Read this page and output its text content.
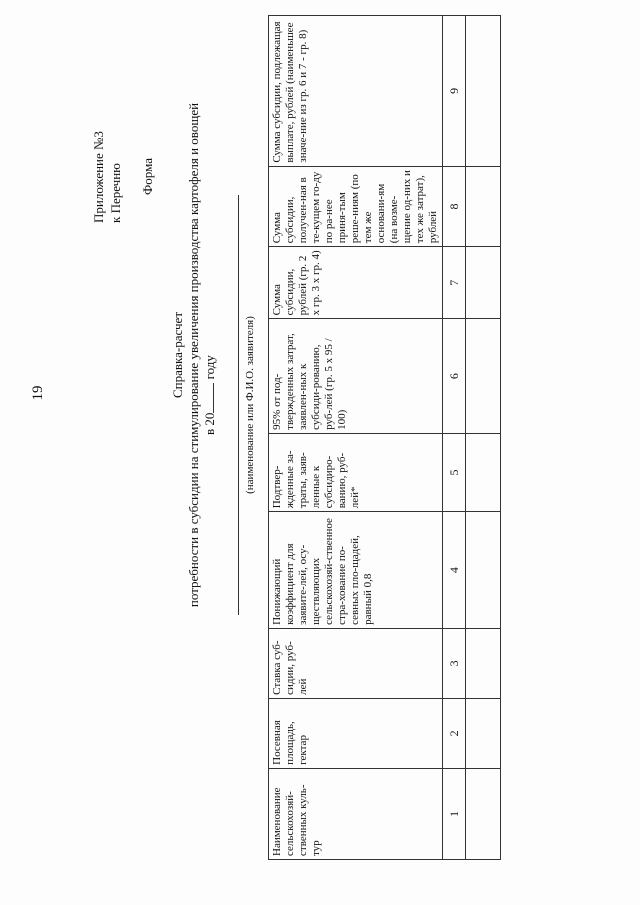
19
Приложение №3 к Перечню Форма
Справка-расчет потребности в субсидии на стимулирование увеличения производства картофеля и овощей в 20 году (наименование или Ф.И.О. заявителя)
Наименование сельскохозяй-ственных куль-тур	Посевная площадь, гектар	Ставка суб-сидии, руб-лей	Понижающий коэффициент для заявите-лей, осу-ществляющих сельскохозяй-ственное стра-хование по-севных пло-щадей, равный 0,8	Подтвер-жденные за-траты, заяв-ленные к субсидиро-ванию, руб-лей*	95% от под-твержденных затрат, заявлен-ных к субсиди-рованию, руб-лей (гр. 5 x 95 / 100)	Сумма субсидии, рублей (гр. 2 x гр. 3 x гр. 4)	Сумма субсидии, получен-ная в те-кущем го-ду по ра-нее приня-тым реше-ниям (по тем же основани-ям (на возме-щение од-них и тех же затрат), рублей	Сумма субсидии, подлежащая выплате, рублей (наименьшее значе-ние из гр. 6 и 7 - гр. 8)
1	2	3	4	5	6	7	8	9
